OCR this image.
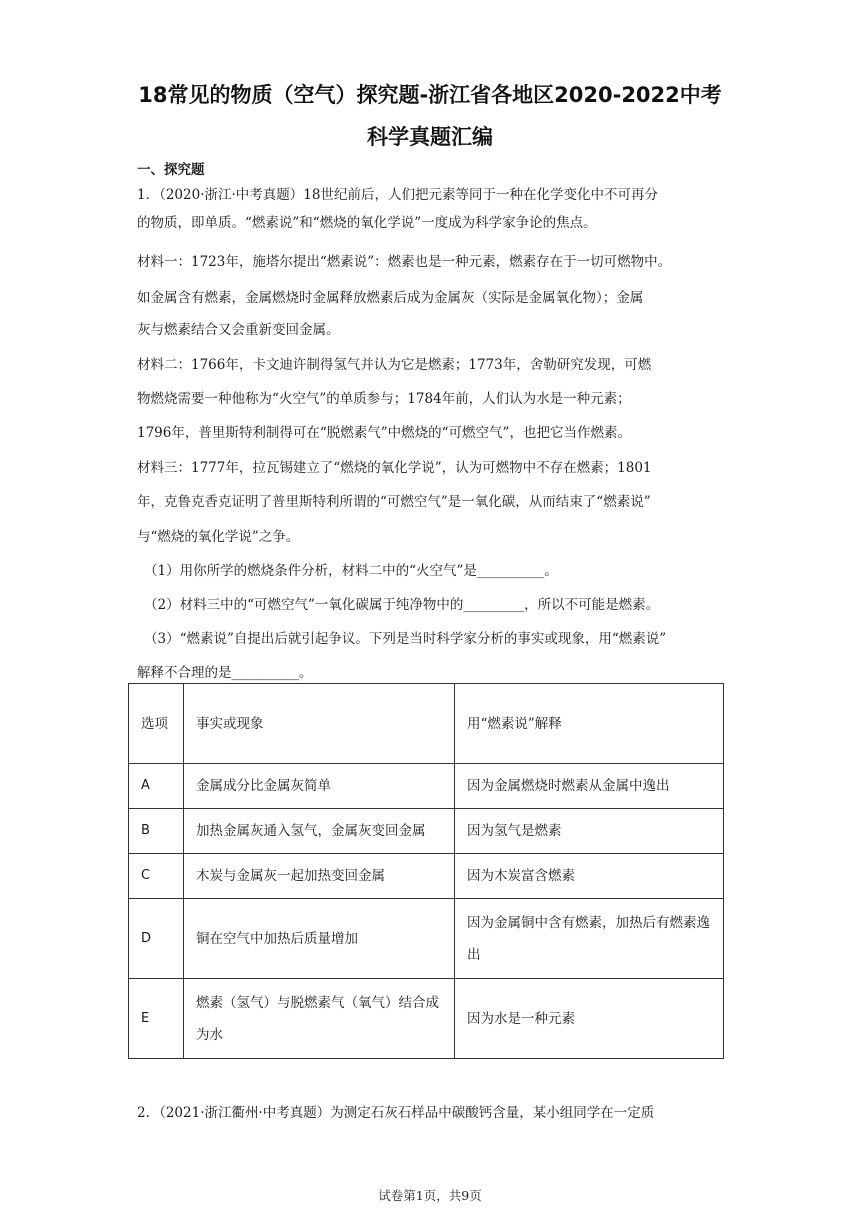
18常见的物质（空气）探究题-浙江省各地区2020-2022中考
科学真题汇编
一、探究题
1．（2020·浙江·中考真题）18世纪前后，人们把元素等同于一种在化学变化中不可再分
的物质，即单质。“燃素说”和“燃烧的氧化学说”一度成为科学家争论的焦点。
材料一：1723年，施塔尔提出“燃素说”：燃素也是一种元素，燃素存在于一切可燃物中。
如金属含有燃素，金属燃烧时金属释放燃素后成为金属灰（实际是金属氧化物）；金属
灰与燃素结合又会重新变回金属。
材料二：1766年，卡文迪许制得氢气并认为它是燃素；1773年，舍勒研究发现，可燃
物燃烧需要一种他称为“火空气”的单质参与；1784年前，人们认为水是一种元素；
1796年，普里斯特利制得可在“脱燃素气”中燃烧的“可燃空气”，也把它当作燃素。
材料三：1777年，拉瓦锡建立了“燃烧的氧化学说”，认为可燃物中不存在燃素；1801
年，克鲁克香克证明了普里斯特利所谓的“可燃空气”是一氧化碳，从而结束了“燃素说”
与“燃烧的氧化学说”之争。
（1）用你所学的燃烧条件分析，材料二中的“火空气”是__________。
（2）材料三中的“可燃空气”一氧化碳属于纯净物中的_________，所以不可能是燃素。
（3）“燃素说”自提出后就引起争议。下列是当时科学家分析的事实或现象，用“燃素说”
解释不合理的是__________。
选项	事实或现象	用“燃素说”解释
A	金属成分比金属灰简单	因为金属燃烧时燃素从金属中逸出
B	加热金属灰通入氢气，金属灰变回金属	因为氢气是燃素
C	木炭与金属灰一起加热变回金属	因为木炭富含燃素
D	铜在空气中加热后质量增加	因为金属铜中含有燃素，加热后有燃素逸出
E	燃素（氢气）与脱燃素气（氧气）结合成为水	因为水是一种元素
2．（2021·浙江衢州·中考真题）为测定石灰石样品中碳酸钙含量，某小组同学在一定质
试卷第1页，共9页
